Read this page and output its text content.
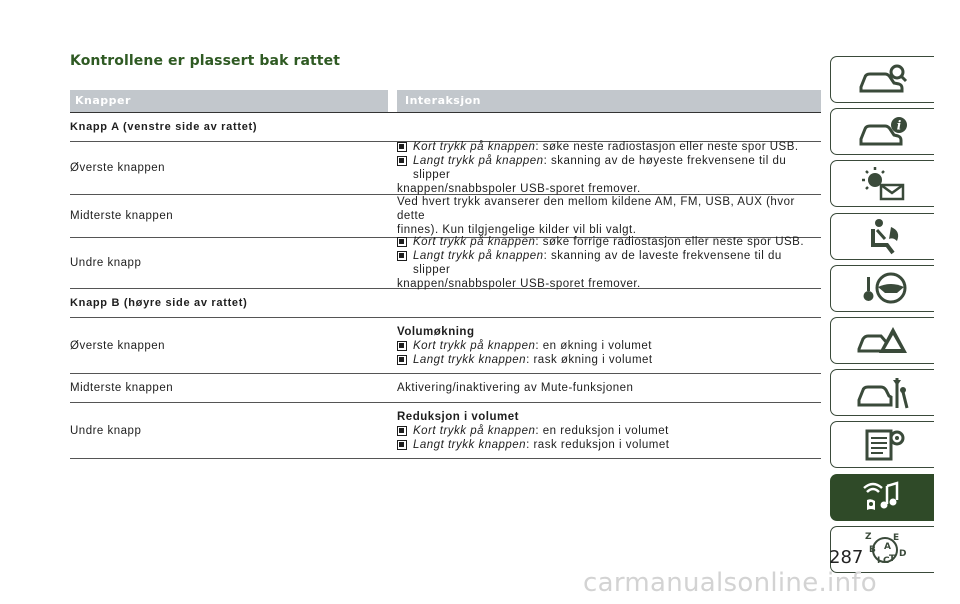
Kontrollene er plassert bak rattet
Knapper	Interaksjon
Knapp A (venstre side av rattet)
Øverste knappen
Kort trykk på knappen: søke neste radiostasjon eller neste spor USB.
Langt trykk på knappen: skanning av de høyeste frekvensene til du slipper
knappen/snabbspoler USB-sporet fremover.
Midterste knappen
Ved hvert trykk avanserer den mellom kildene AM, FM, USB, AUX (hvor dette
finnes). Kun tilgjengelige kilder vil bli valgt.
Undre knapp
Kort trykk på knappen: søke forrige radiostasjon eller neste spor USB.
Langt trykk på knappen: skanning av de laveste frekvensene til du slipper
knappen/snabbspoler USB-sporet fremover.
Knapp B (høyre side av rattet)
Øverste knappen
Volumøkning
Kort trykk på knappen: en økning i volumet
Langt trykk knappen: rask økning i volumet
Midterste knappen	Aktivering/inaktivering av Mute-funksjonen
Undre knapp
Reduksjon i volumet
Kort trykk på knappen: en reduksjon i volumet
Langt trykk knappen: rask reduksjon i volumet
i
Z E
B A
I C T D
287
carmanualsonline.info
